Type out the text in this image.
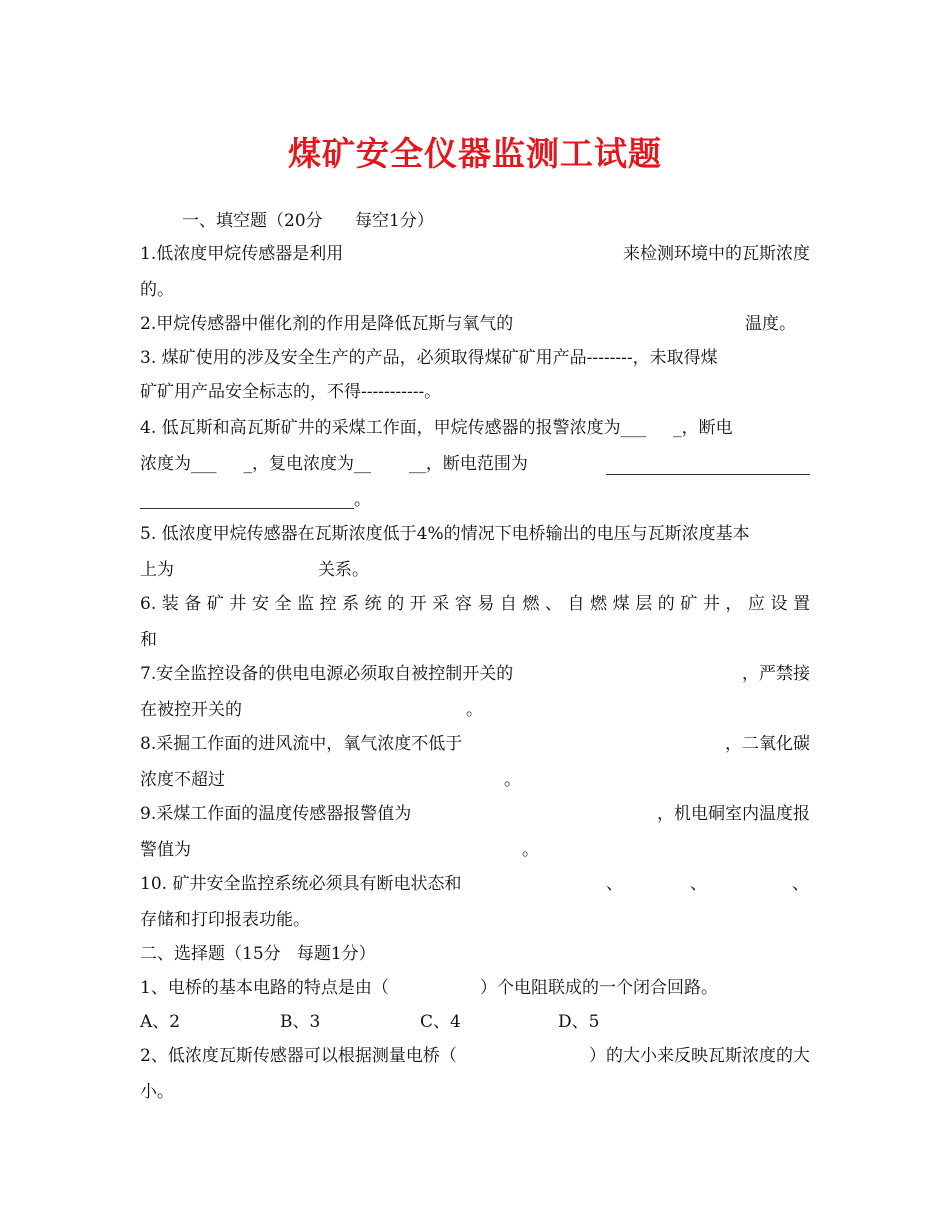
煤矿安全仪器监测工试题
一、填空题（20分      每空1分）
1.低浓度甲烷传感器是利用	来检测环境中的瓦斯浓度
的。
2.甲烷传感器中催化剂的作用是降低瓦斯与氧气的	温度。
3. 煤矿使用的涉及安全生产的产品，必须取得煤矿矿用产品--------，未取得煤
矿矿用产品安全标志的，不得-----------。
4. 低瓦斯和高瓦斯矿井的采煤工作面，甲烷传感器的报警浓度为___     _，断电
浓度为___     _，复电浓度为__       __，断电范围为
。
5. 低浓度甲烷传感器在瓦斯浓度低于4%的情况下电桥输出的电压与瓦斯浓度基本
上为	关系。
6.装备矿井安全监控系统的开采容易自燃、自燃煤层的矿井，应设置
和
7.安全监控设备的供电电源必须取自被控制开关的	，严禁接
在被控开关的	。
8.采掘工作面的进风流中，氧气浓度不低于	，二氧化碳
浓度不超过	。
9.采煤工作面的温度传感器报警值为	，机电硐室内温度报
警值为	。
10. 矿井安全监控系统必须具有断电状态和	、	、	、
存储和打印报表功能。
二、选择题（15分   每题1分）
1、电桥的基本电路的特点是由（	）个电阻联成的一个闭合回路。
A、2	B、3	C、4	D、5
2、低浓度瓦斯传感器可以根据测量电桥（	）的大小来反映瓦斯浓度的大
小。
